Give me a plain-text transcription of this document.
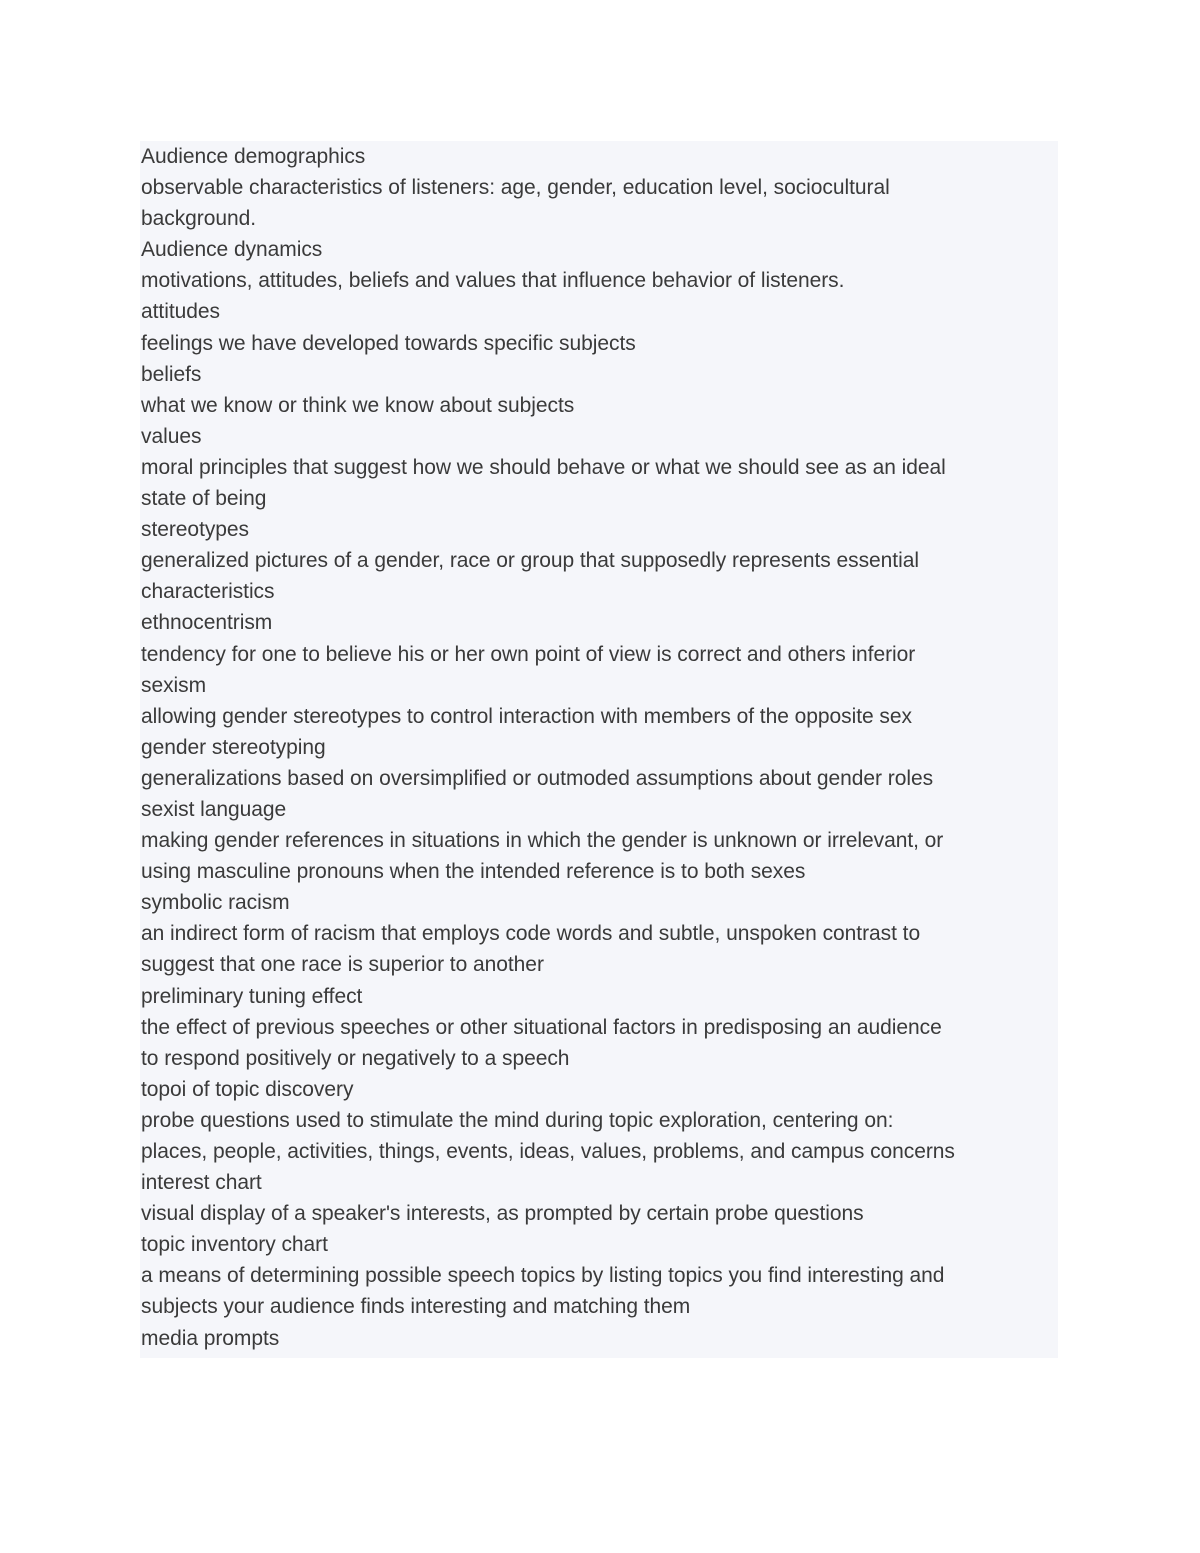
Audience demographics

observable characteristics of listeners: age, gender, education level, sociocultural

background.

Audience dynamics

motivations, attitudes, beliefs and values that influence behavior of listeners.

attitudes

feelings we have developed towards specific subjects

beliefs

what we know or think we know about subjects

values

moral principles that suggest how we should behave or what we should see as an ideal

state of being

stereotypes

generalized pictures of a gender, race or group that supposedly represents essential

characteristics

ethnocentrism

tendency for one to believe his or her own point of view is correct and others inferior

sexism

allowing gender stereotypes to control interaction with members of the opposite sex

gender stereotyping

generalizations based on oversimplified or outmoded assumptions about gender roles

sexist language

making gender references in situations in which the gender is unknown or irrelevant, or

using masculine pronouns when the intended reference is to both sexes

symbolic racism

an indirect form of racism that employs code words and subtle, unspoken contrast to

suggest that one race is superior to another

preliminary tuning effect

the effect of previous speeches or other situational factors in predisposing an audience

to respond positively or negatively to a speech

topoi of topic discovery

probe questions used to stimulate the mind during topic exploration, centering on:

places, people, activities, things, events, ideas, values, problems, and campus concerns

interest chart

visual display of a speaker's interests, as prompted by certain probe questions

topic inventory chart

a means of determining possible speech topics by listing topics you find interesting and

subjects your audience finds interesting and matching them

media prompts
